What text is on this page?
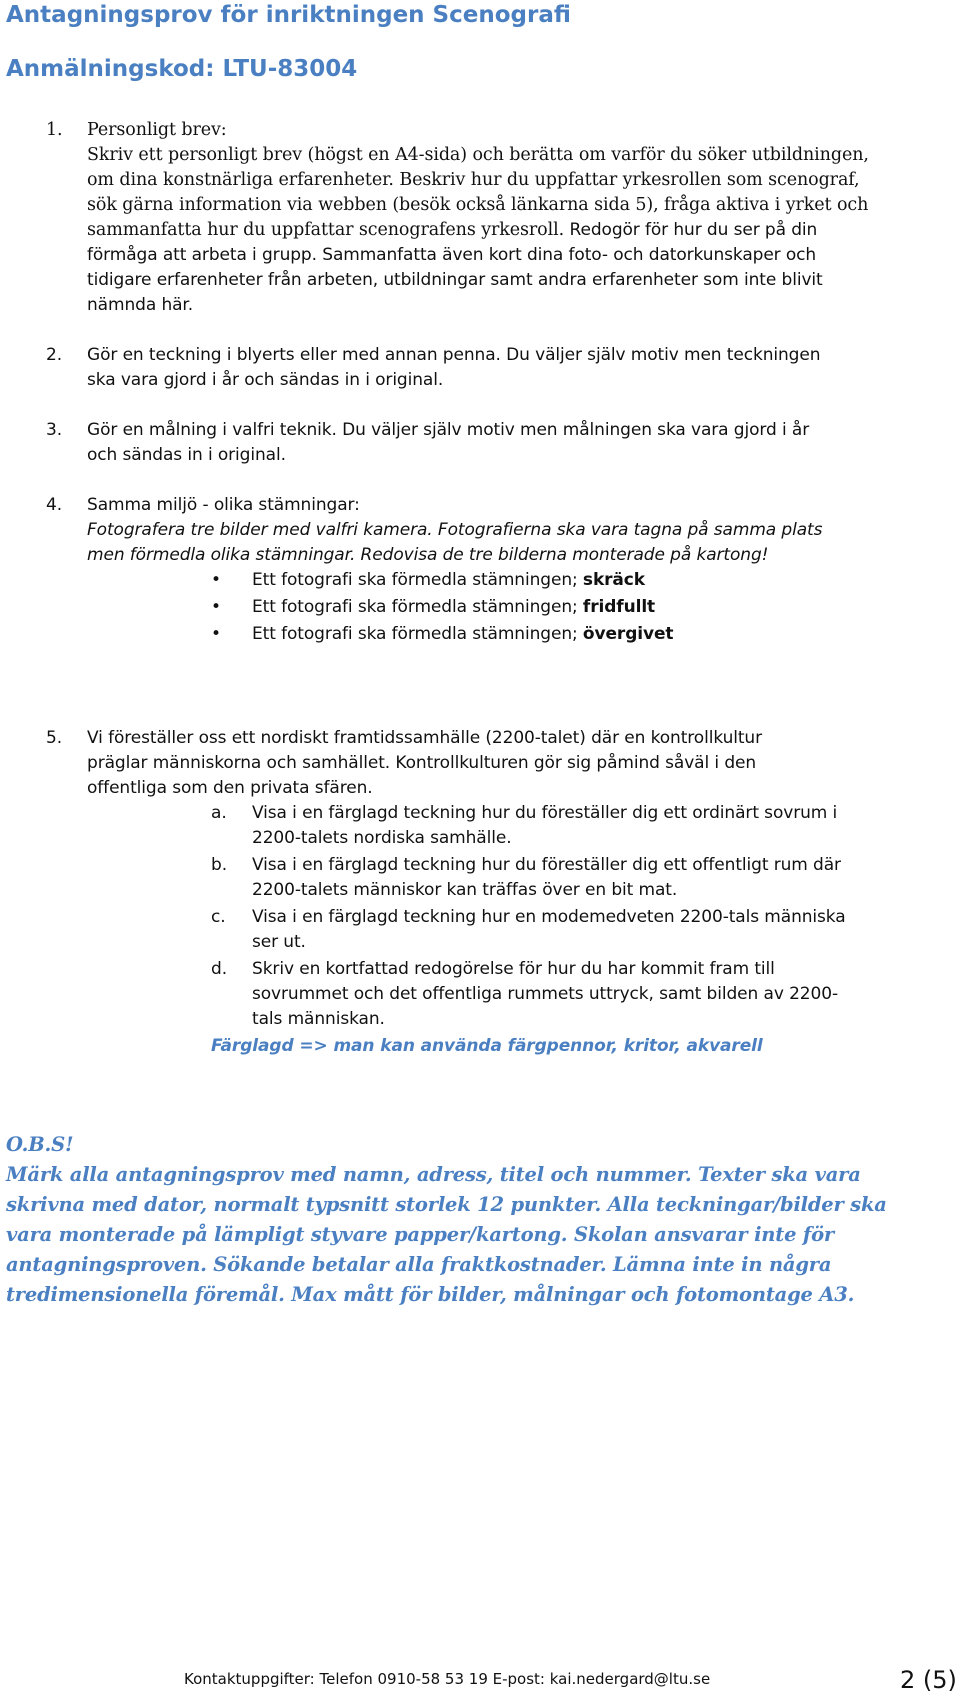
Antagningsprov för inriktningen Scenografi
Anmälningskod: LTU-83004
1. Personligt brev:

Skriv ett personligt brev (högst en A4-sida) och berätta om varför du söker utbildningen,

om dina konstnärliga erfarenheter. Beskriv hur du uppfattar yrkesrollen som scenograf,

sök gärna information via webben (besök också länkarna sida 5), fråga aktiva i yrket och

sammanfatta hur du uppfattar scenografens yrkesroll. Redogör för hur du ser på din

förmåga att arbeta i grupp. Sammanfatta även kort dina foto- och datorkunskaper och

tidigare erfarenheter från arbeten, utbildningar samt andra erfarenheter som inte blivit

nämnda här.

2. Gör en teckning i blyerts eller med annan penna. Du väljer själv motiv men teckningen

ska vara gjord i år och sändas in i original.

3. Gör en målning i valfri teknik. Du väljer själv motiv men målningen ska vara gjord i år

och sändas in i original.

4. Samma miljö - olika stämningar:

Fotografera tre bilder med valfri kamera. Fotografierna ska vara tagna på samma plats

men förmedla olika stämningar. Redovisa de tre bilderna monterade på kartong!

• Ett fotografi ska förmedla stämningen; skräck

• Ett fotografi ska förmedla stämningen; fridfullt

• Ett fotografi ska förmedla stämningen; övergivet

5. Vi föreställer oss ett nordiskt framtidssamhälle (2200-talet) där en kontrollkultur

präglar människorna och samhället. Kontrollkulturen gör sig påmind såväl i den

offentliga som den privata sfären.

a. Visa i en färglagd teckning hur du föreställer dig ett ordinärt sovrum i

2200-talets nordiska samhälle.

b. Visa i en färglagd teckning hur du föreställer dig ett offentligt rum där

2200-talets människor kan träffas över en bit mat.

c. Visa i en färglagd teckning hur en modemedveten 2200-tals människa

ser ut.

d. Skriv en kortfattad redogörelse för hur du har kommit fram till

sovrummet och det offentliga rummets uttryck, samt bilden av 2200-

tals människan.

Färglagd => man kan använda färgpennor, kritor, akvarell

O.B.S!

Märk alla antagningsprov med namn, adress, titel och nummer. Texter ska vara

skrivna med dator, normalt typsnitt storlek 12 punkter. Alla teckningar/bilder ska

vara monterade på lämpligt styvare papper/kartong. Skolan ansvarar inte för

antagningsproven. Sökande betalar alla fraktkostnader. Lämna inte in några

tredimensionella föremål. Max mått för bilder, målningar och fotomontage A3.

Kontaktuppgifter: Telefon 0910-58 53 19 E-post: kai.nedergard@ltu.se	2 (5)
